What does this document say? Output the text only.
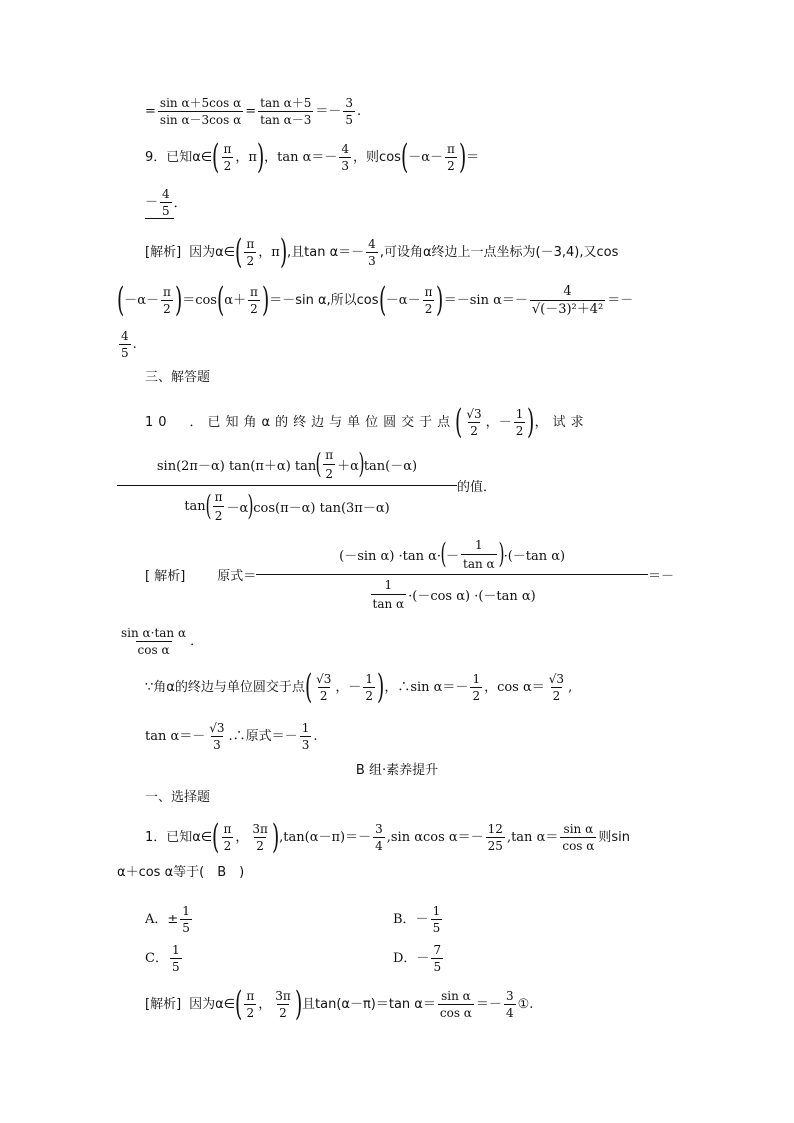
= $\frac{\text{sin α＋5cos α}}{\text{sin α－3cos α}} = \frac{\text{tan α＋5}}{\text{tan α－3}} =- \frac{3}{5}$ .
9．已知α∈ ( $\frac{\pi}{2}$ ，π ) ，$\tan \alpha=- \frac{4}{3}$ ，则cos ( $-\alpha- \frac{\pi}{2}$ ) ＝
－ $\frac{4}{5}$ ．
[解析] 因为α∈ ( $\frac{\pi}{2}$ ，π ) ,且$\tan \alpha=- \frac{4}{3}$ ,可设角α终边上一点坐标为(－3,4),又cos
( $-\alpha- \frac{\pi}{2}$ ) ＝cos ( $\alpha+ \frac{\pi}{2}$ ) ＝－sin α,所以cos ( $-\alpha- \frac{\pi}{2}$ ) ＝－sin $\alpha=- \frac{4}{\text{√(－3)²＋4²}}$ ＝－
$\frac{4}{5}$ .
三、解答题
10　．已知角α的终边与单位圆交于点 ( $\frac{√3}{2}$ ，－ $\frac{1}{2}$ ) ，试求
sin(2π－α) tan(π＋α) tan ( $\frac{\pi}{2} +\alpha$ ) tan(－α)
tan ( $\frac{\pi}{2} -\alpha$ ) cos(π－α) tan(3π－α)
的值．
[ 解析] 原式＝
(－sin α) ·tan α· ( － $\frac{1}{\text{tan α}}$ ) ·(－tan α)
$\frac{1}{\text{tan α}} \cdot(-\cos$ α) ·(－tan α)
＝－
$\frac{\text{sin α·tan α}}{\text{cos α}}$ ．
∵角α的终边与单位圆交于点 ( $\frac{√3}{2}$ ，－ $\frac{1}{2}$ ) ，∴sin $\alpha=- \frac{1}{2}$ ，$\cos \alpha= \frac{√3}{2}$ ,
$\tan \alpha=- \frac{√3}{3}$ .∴原式＝－ $\frac{1}{3}$ .
B 组·素养提升
一、选择题
1．已知α∈ ( $\frac{\pi}{2}$ ， $\frac{3\pi}{2}$ ) $,\tan(\alpha-\pi)=- \frac{3}{4} ,\sin$ αcos $\alpha=- \frac{12}{25} ,\tan$ $\alpha= \frac{\text{sin α}}{\text{cos α}}$ 则sin
α＋cos α等于(　B　)
A．± $\frac{1}{5}$	B．－ $\frac{1}{5}$
C． $\frac{1}{5}$	D．－ $\frac{7}{5}$
[解析] 因为α∈ ( $\frac{\pi}{2}$ ， $\frac{3\pi}{2}$ ) 且tan(α－π)＝tan $\alpha= \frac{\text{sin α}}{\text{cos α}} =- \frac{3}{4}$ ① .
